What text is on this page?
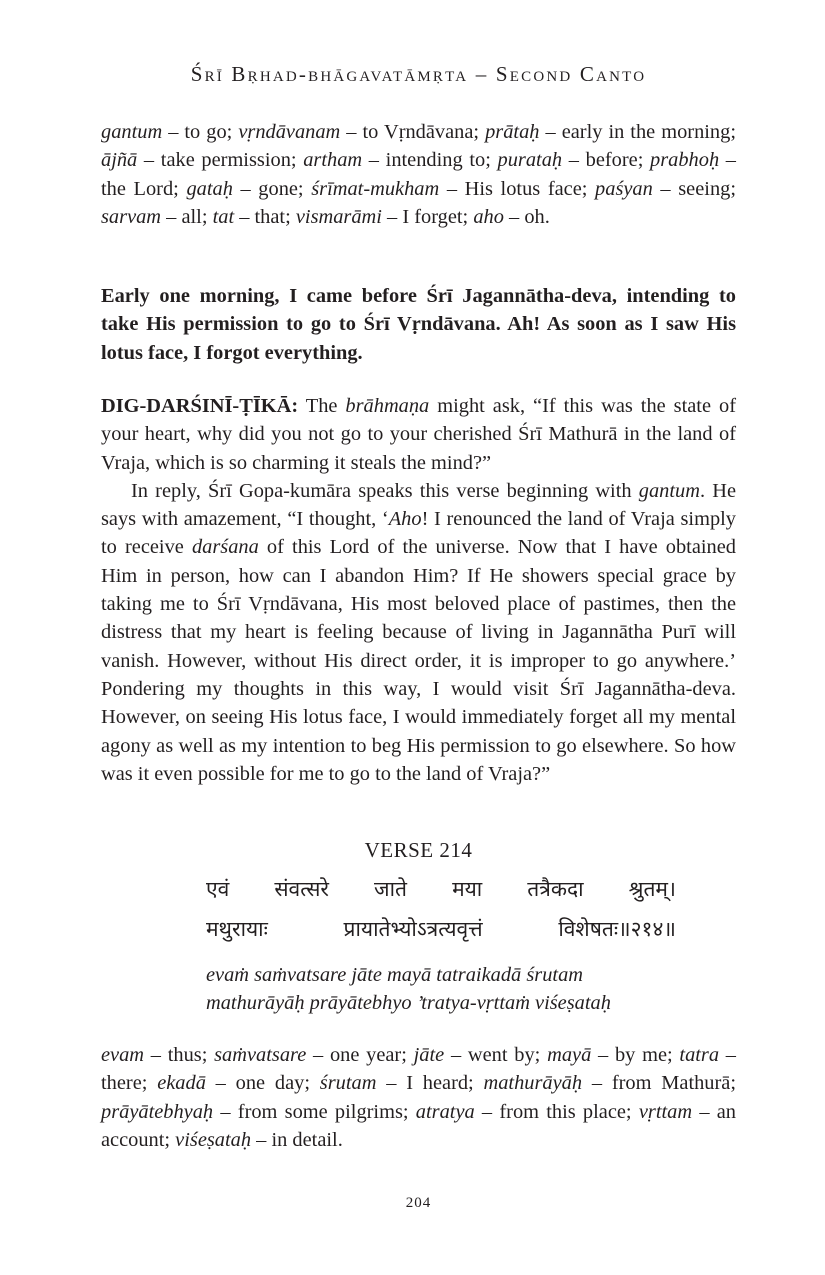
Śrī Bṛhad-bhāgavatāmṛta – Second Canto

gantum – to go; vṛndāvanam – to Vṛndāvana; prātaḥ – early in the morning; ājñā – take permission; artham – intending to; purataḥ – before; prabhoḥ – the Lord; gataḥ – gone; śrīmat-mukham – His lotus face; paśyan – seeing; sarvam – all; tat – that; vismarāmi – I forget; aho – oh.

Early one morning, I came before Śrī Jagannātha-deva, intending to take His permission to go to Śrī Vṛndāvana. Ah! As soon as I saw His lotus face, I forgot everything.

DIG-DARŚINĪ-ṬĪKĀ: The brāhmaṇa might ask, “If this was the state of your heart, why did you not go to your cherished Śrī Mathurā in the land of Vraja, which is so charming it steals the mind?”

In reply, Śrī Gopa-kumāra speaks this verse beginning with gantum. He says with amazement, “I thought, ‘Aho! I renounced the land of Vraja simply to receive darśana of this Lord of the universe. Now that I have obtained Him in person, how can I abandon Him? If He showers special grace by taking me to Śrī Vṛndāvana, His most beloved place of pastimes, then the distress that my heart is feeling because of living in Jagannātha Purī will vanish. However, without His direct order, it is improper to go anywhere.’ Pondering my thoughts in this way, I would visit Śrī Jagannātha-deva. However, on seeing His lotus face, I would immediately forget all my mental agony as well as my intention to beg His permission to go elsewhere. So how was it even possible for me to go to the land of Vraja?”

VERSE 214
एवं संवत्सरे जाते मया तत्रैकदा श्रुतम्।
मथुरायाः	प्रायातेभ्योऽत्रत्यवृत्तं	विशेषतः॥२१४॥
evaṁ saṁvatsare jāte mayā tatraikadā śrutam
mathurāyāḥ prāyātebhyo ’tratya-vṛttaṁ viśeṣataḥ

evam – thus; saṁvatsare – one year; jāte – went by; mayā – by me; tatra – there; ekadā – one day; śrutam – I heard; mathurāyāḥ – from Mathurā; prāyātebhyaḥ – from some pilgrims; atratya – from this place; vṛttam – an account; viśeṣataḥ – in detail.

204
